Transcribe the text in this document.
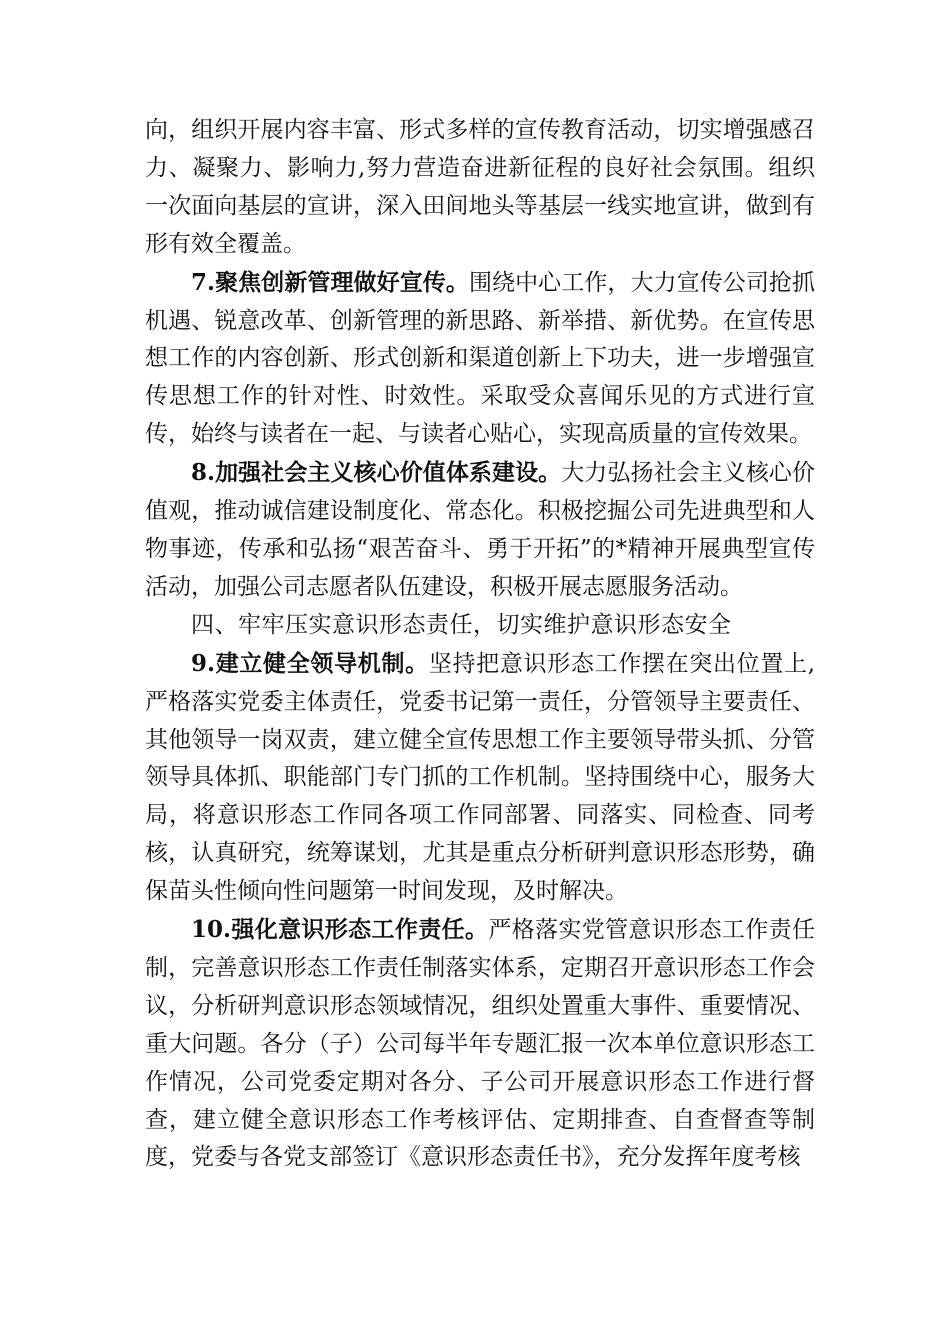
向，组织开展内容丰富、形式多样的宣传教育活动，切实增强感召力、凝聚力、影响力,努力营造奋进新征程的良好社会氛围。组织一次面向基层的宣讲，深入田间地头等基层一线实地宣讲，做到有形有效全覆盖。

7.聚焦创新管理做好宣传。围绕中心工作，大力宣传公司抢抓机遇、锐意改革、创新管理的新思路、新举措、新优势。在宣传思想工作的内容创新、形式创新和渠道创新上下功夫，进一步增强宣传思想工作的针对性、时效性。采取受众喜闻乐见的方式进行宣传，始终与读者在一起、与读者心贴心，实现高质量的宣传效果。

8.加强社会主义核心价值体系建设。大力弘扬社会主义核心价值观，推动诚信建设制度化、常态化。积极挖掘公司先进典型和人物事迹，传承和弘扬“艰苦奋斗、勇于开拓”的*精神开展典型宣传活动，加强公司志愿者队伍建设，积极开展志愿服务活动。

四、牢牢压实意识形态责任，切实维护意识形态安全

9.建立健全领导机制。坚持把意识形态工作摆在突出位置上,严格落实党委主体责任，党委书记第一责任，分管领导主要责任、其他领导一岗双责，建立健全宣传思想工作主要领导带头抓、分管领导具体抓、职能部门专门抓的工作机制。坚持围绕中心，服务大局，将意识形态工作同各项工作同部署、同落实、同检查、同考核，认真研究，统筹谋划，尤其是重点分析研判意识形态形势，确保苗头性倾向性问题第一时间发现，及时解决。

10.强化意识形态工作责任。严格落实党管意识形态工作责任制，完善意识形态工作责任制落实体系，定期召开意识形态工作会议，分析研判意识形态领域情况，组织处置重大事件、重要情况、重大问题。各分（子）公司每半年专题汇报一次本单位意识形态工作情况，公司党委定期对各分、子公司开展意识形态工作进行督查，建立健全意识形态工作考核评估、定期排查、自查督查等制度，党委与各党支部签订《意识形态责任书》，充分发挥年度考核
